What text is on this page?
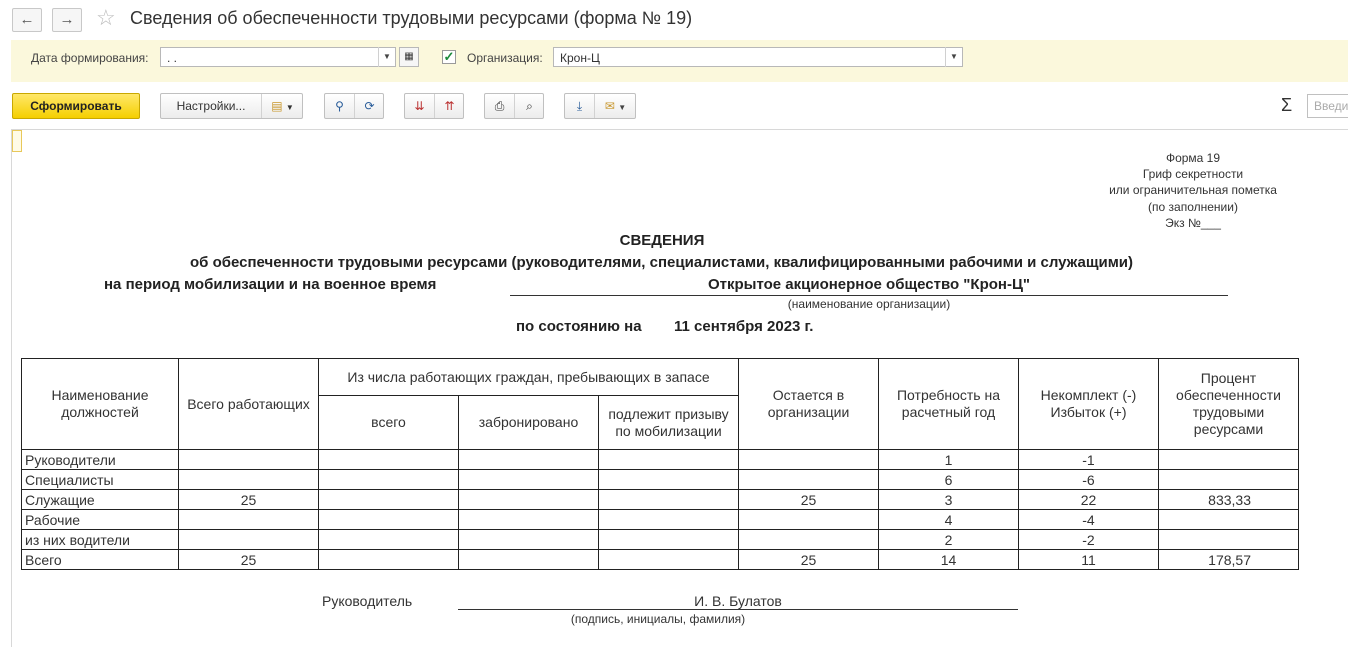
←	→ ☆ Сведения об обеспеченности трудовыми ресурсами (форма № 19)
Дата формирования:	. .	▼	▦	✓ Организация:	Крон-Ц	▼
Сформировать	Настройки...	▤ ▼	⚲	⟳	⇊	⇈	⎙	⌕	⤓	✉ ▼	Σ	Введи
Форма 19
Гриф секретности
или ограничительная пометка
(по заполнении)
Экз №___
СВЕДЕНИЯ
об обеспеченности трудовыми ресурсами (руководителями, специалистами, квалифицированными рабочими и служащими)
на период мобилизации и на военное время	Открытое акционерное общество "Крон-Ц"
(наименование организации)
по состоянию на 11 сентября 2023 г.
Наименование должностей	Всего работающих	Из числа работающих граждан, пребывающих в запасе			Остается в организации	Потребность на расчетный год	Некомплект (-) Избыток (+)	Процент обеспеченности трудовыми ресурсами
		всего	забронировано	подлежит призыву по мобилизации				
Руководители						1	-1	
Специалисты						6	-6	
Служащие	25				25	3	22	833,33
Рабочие						4	-4	
из них водители						2	-2	
Всего	25				25	14	11	178,57
Руководитель	И. В. Булатов
(подпись, инициалы, фамилия)
